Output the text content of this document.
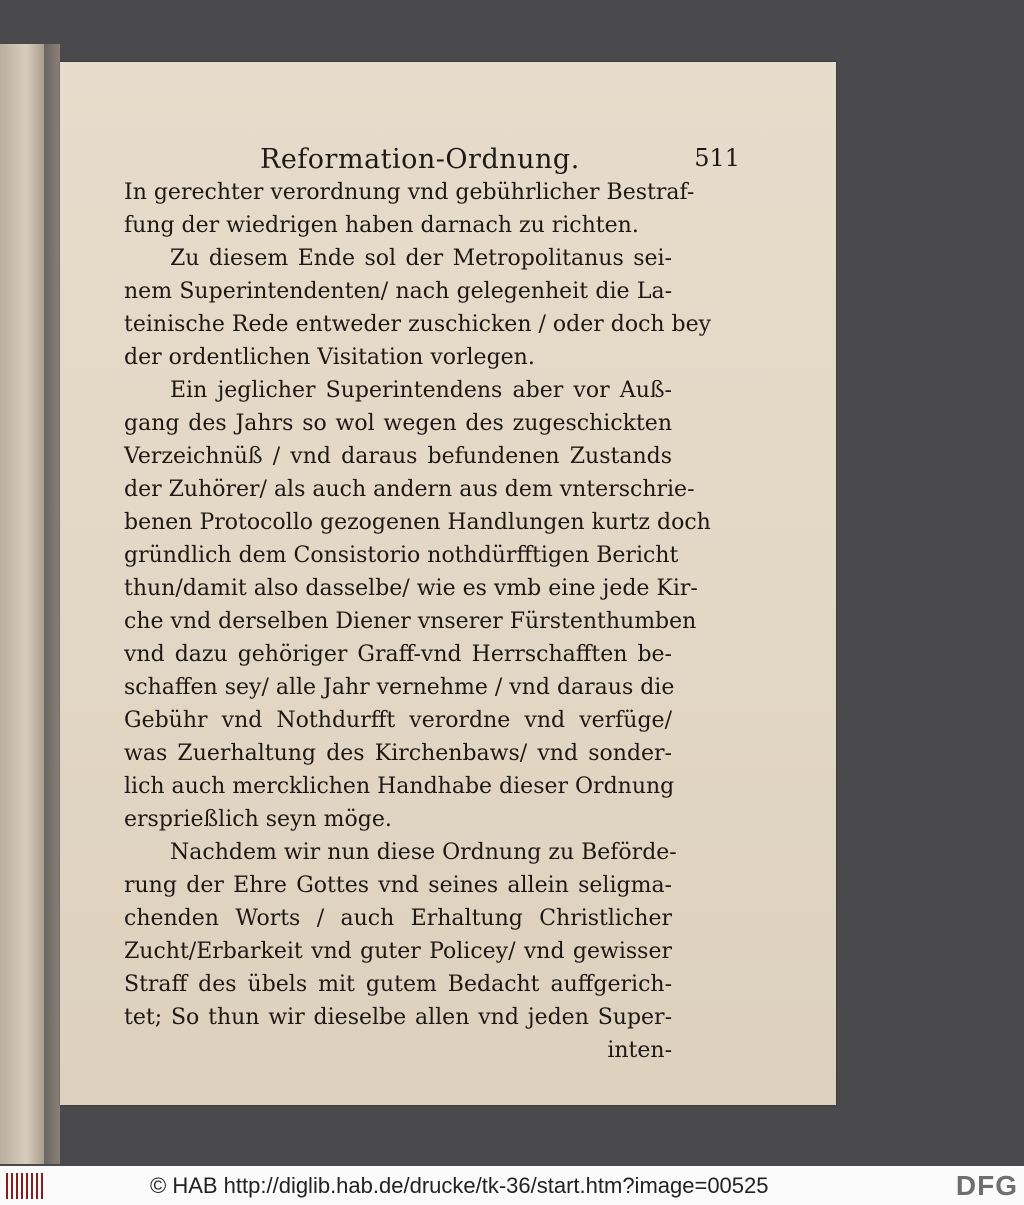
Reformation-Ordnung.	511
In gerechter verordnung vnd gebührlicher Bestraf-
fung der wiedrigen haben darnach zu richten.
Zu diesem Ende sol der Metropolitanus sei-
nem Superintendenten/ nach gelegenheit die La-
teinische Rede entweder zuschicken / oder doch bey
der ordentlichen Visitation vorlegen.
Ein jeglicher Superintendens aber vor Auß-
gang des Jahrs so wol wegen des zugeschickten
Verzeichnüß / vnd daraus befundenen Zustands
der Zuhörer/ als auch andern aus dem vnterschrie-
benen Protocollo gezogenen Handlungen kurtz doch
gründlich dem Consistorio nothdürfftigen Bericht
thun/damit also dasselbe/ wie es vmb eine jede Kir-
che vnd derselben Diener vnserer Fürstenthumben
vnd dazu gehöriger Graff-vnd Herrschafften be-
schaffen sey/ alle Jahr vernehme / vnd daraus die
Gebühr vnd Nothdurfft verordne vnd verfüge/
was Zuerhaltung des Kirchenbaws/ vnd sonder-
lich auch mercklichen Handhabe dieser Ordnung
ersprießlich seyn möge.
Nachdem wir nun diese Ordnung zu Beförde-
rung der Ehre Gottes vnd seines allein seligma-
chenden Worts / auch Erhaltung Christlicher
Zucht/Erbarkeit vnd guter Policey/ vnd gewisser
Straff des übels mit gutem Bedacht auffgerich-
tet; So thun wir dieselbe allen vnd jeden Super-
inten-
© HAB http://diglib.hab.de/drucke/tk-36/start.htm?image=00525	DFG
